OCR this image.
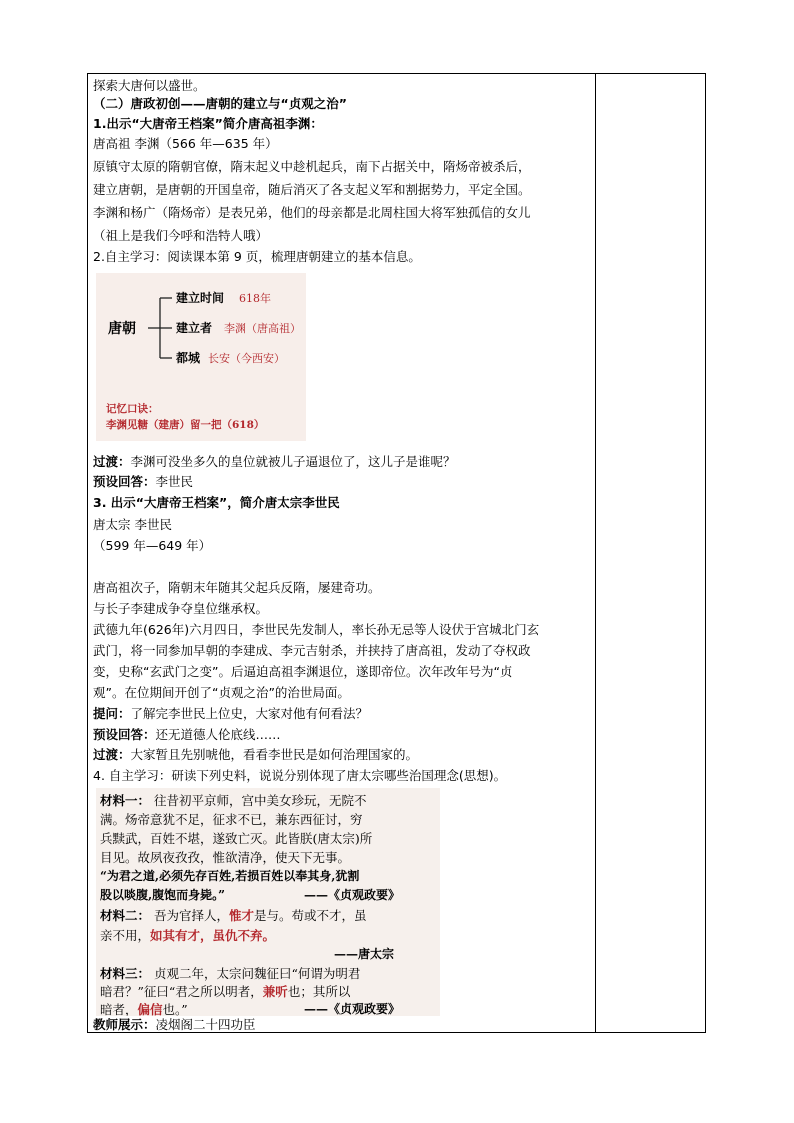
探索大唐何以盛世。
（二）唐政初创——唐朝的建立与“贞观之治”
1.出示“大唐帝王档案”简介唐高祖李渊：
唐高祖 李渊（566 年—635 年）
原镇守太原的隋朝官僚，隋末起义中趁机起兵，南下占据关中，隋炀帝被杀后，
建立唐朝，是唐朝的开国皇帝，随后消灭了各支起义军和割据势力，平定全国。
李渊和杨广（隋炀帝）是表兄弟，他们的母亲都是北周柱国大将军独孤信的女儿
（祖上是我们今呼和浩特人哦）
2.自主学习：阅读课本第 9 页，梳理唐朝建立的基本信息。
唐朝
建立时间 618年
建立者 李渊（唐高祖）
都城 长安（今西安）
记忆口诀：
李渊见糖（建唐）留一把（618）
过渡：李渊可没坐多久的皇位就被儿子逼退位了，这儿子是谁呢？
预设回答：李世民
3. 出示“大唐帝王档案”，简介唐太宗李世民
唐太宗 李世民
（599 年—649 年）
唐高祖次子，隋朝末年随其父起兵反隋，屡建奇功。
与长子李建成争夺皇位继承权。
武德九年(626年)六月四日，李世民先发制人，率长孙无忌等人设伏于宫城北门玄
武门，将一同参加早朝的李建成、李元吉射杀，并挟持了唐高祖，发动了夺权政
变，史称“玄武门之变”。后逼迫高祖李渊退位，遂即帝位。次年改年号为“贞
观”。在位期间开创了“贞观之治”的治世局面。
提问：了解完李世民上位史，大家对他有何看法？
预设回答：还无道德人伦底线……
过渡：大家暂且先别唬他，看看李世民是如何治理国家的。
4. 自主学习：研读下列史料，说说分别体现了唐太宗哪些治国理念(思想)。
材料一： 往昔初平京师，宫中美女珍玩，无院不
满。炀帝意犹不足，征求不已，兼东西征讨，穷
兵黩武，百姓不堪，遂致亡灭。此皆朕(唐太宗)所
目见。故夙夜孜孜，惟欲清净，使天下无事。
“为君之道,必须先存百姓,若损百姓以奉其身,犹割
股以啖腹,腹饱而身毙。”	——《贞观政要》
材料二： 吾为官择人，惟才是与。苟或不才，虽
亲不用，如其有才，虽仇不弃。
——唐太宗
材料三： 贞观二年，太宗问魏征曰“何谓为明君
暗君？”征曰“君之所以明者，兼听也；其所以
暗者，偏信也。”	——《贞观政要》
教师展示：凌烟阁二十四功臣
